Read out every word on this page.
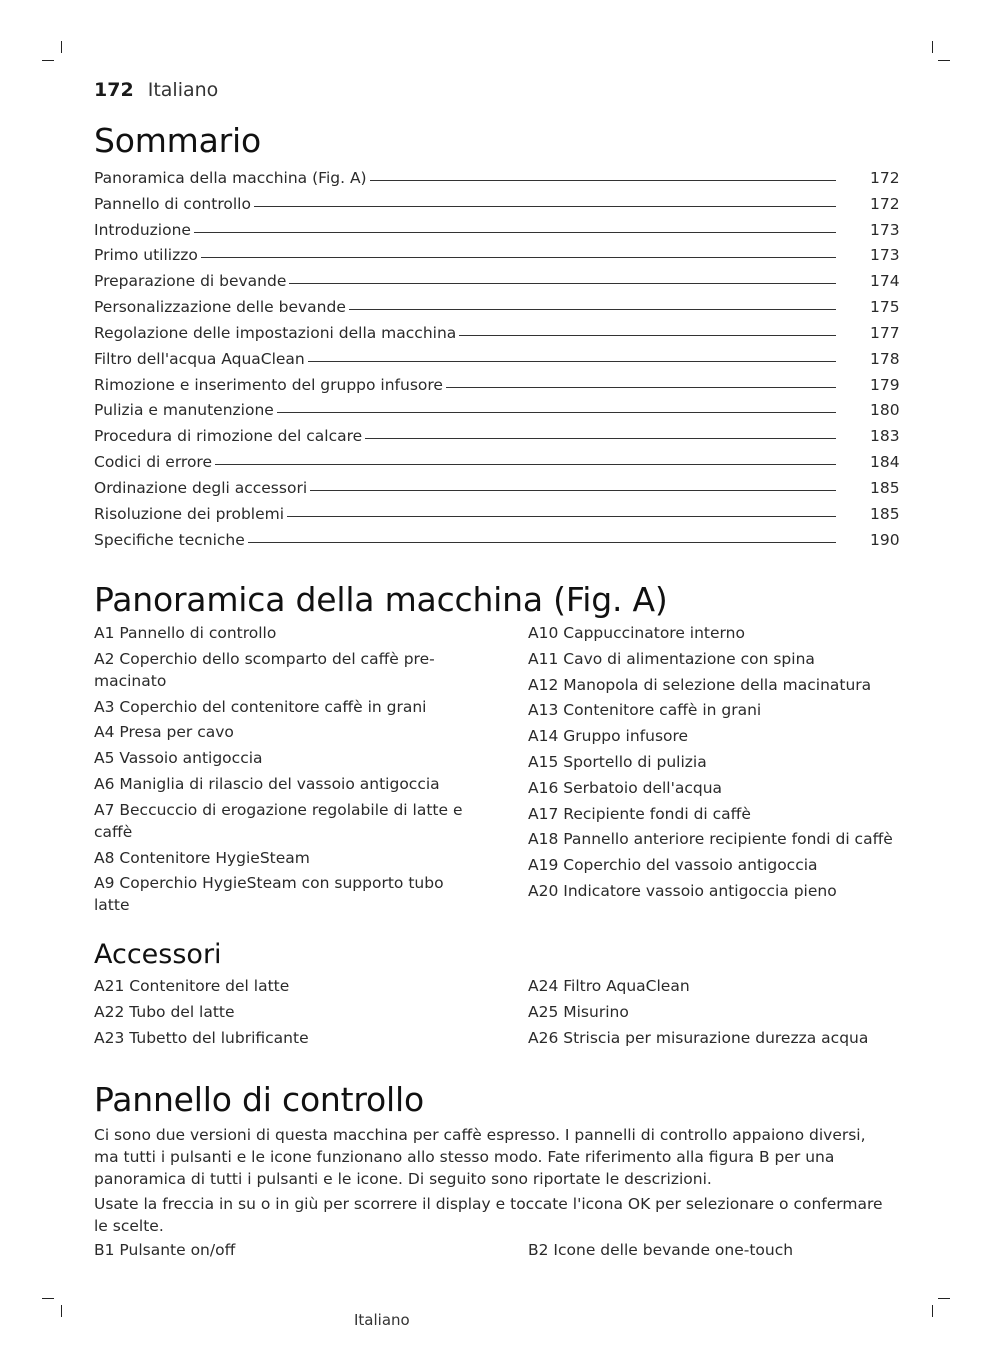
172 Italiano
Sommario
Panoramica della macchina (Fig. A)	172
Pannello di controllo	172
Introduzione	173
Primo utilizzo	173
Preparazione di bevande	174
Personalizzazione delle bevande	175
Regolazione delle impostazioni della macchina	177
Filtro dell'acqua AquaClean	178
Rimozione e inserimento del gruppo infusore	179
Pulizia e manutenzione	180
Procedura di rimozione del calcare	183
Codici di errore	184
Ordinazione degli accessori	185
Risoluzione dei problemi	185
Specifiche tecniche	190
Panoramica della macchina (Fig. A)
A1 Pannello di controllo
A2 Coperchio dello scomparto del caffè pre-macinato
A3 Coperchio del contenitore caffè in grani
A4 Presa per cavo
A5 Vassoio antigoccia
A6 Maniglia di rilascio del vassoio antigoccia
A7 Beccuccio di erogazione regolabile di latte e caffè
A8 Contenitore HygieSteam
A9 Coperchio HygieSteam con supporto tubo latte
A10 Cappuccinatore interno
A11 Cavo di alimentazione con spina
A12 Manopola di selezione della macinatura
A13 Contenitore caffè in grani
A14 Gruppo infusore
A15 Sportello di pulizia
A16 Serbatoio dell'acqua
A17 Recipiente fondi di caffè
A18 Pannello anteriore recipiente fondi di caffè
A19 Coperchio del vassoio antigoccia
A20 Indicatore vassoio antigoccia pieno
Accessori
A21 Contenitore del latte
A22 Tubo del latte
A23 Tubetto del lubrificante
A24 Filtro AquaClean
A25 Misurino
A26 Striscia per misurazione durezza acqua
Pannello di controllo
Ci sono due versioni di questa macchina per caffè espresso. I pannelli di controllo appaiono diversi, ma tutti i pulsanti e le icone funzionano allo stesso modo. Fate riferimento alla figura B per una panoramica di tutti i pulsanti e le icone. Di seguito sono riportate le descrizioni.
Usate la freccia in su o in giù per scorrere il display e toccate l'icona OK per selezionare o confermare le scelte.
B1 Pulsante on/off	B2 Icone delle bevande one-touch
Italiano
